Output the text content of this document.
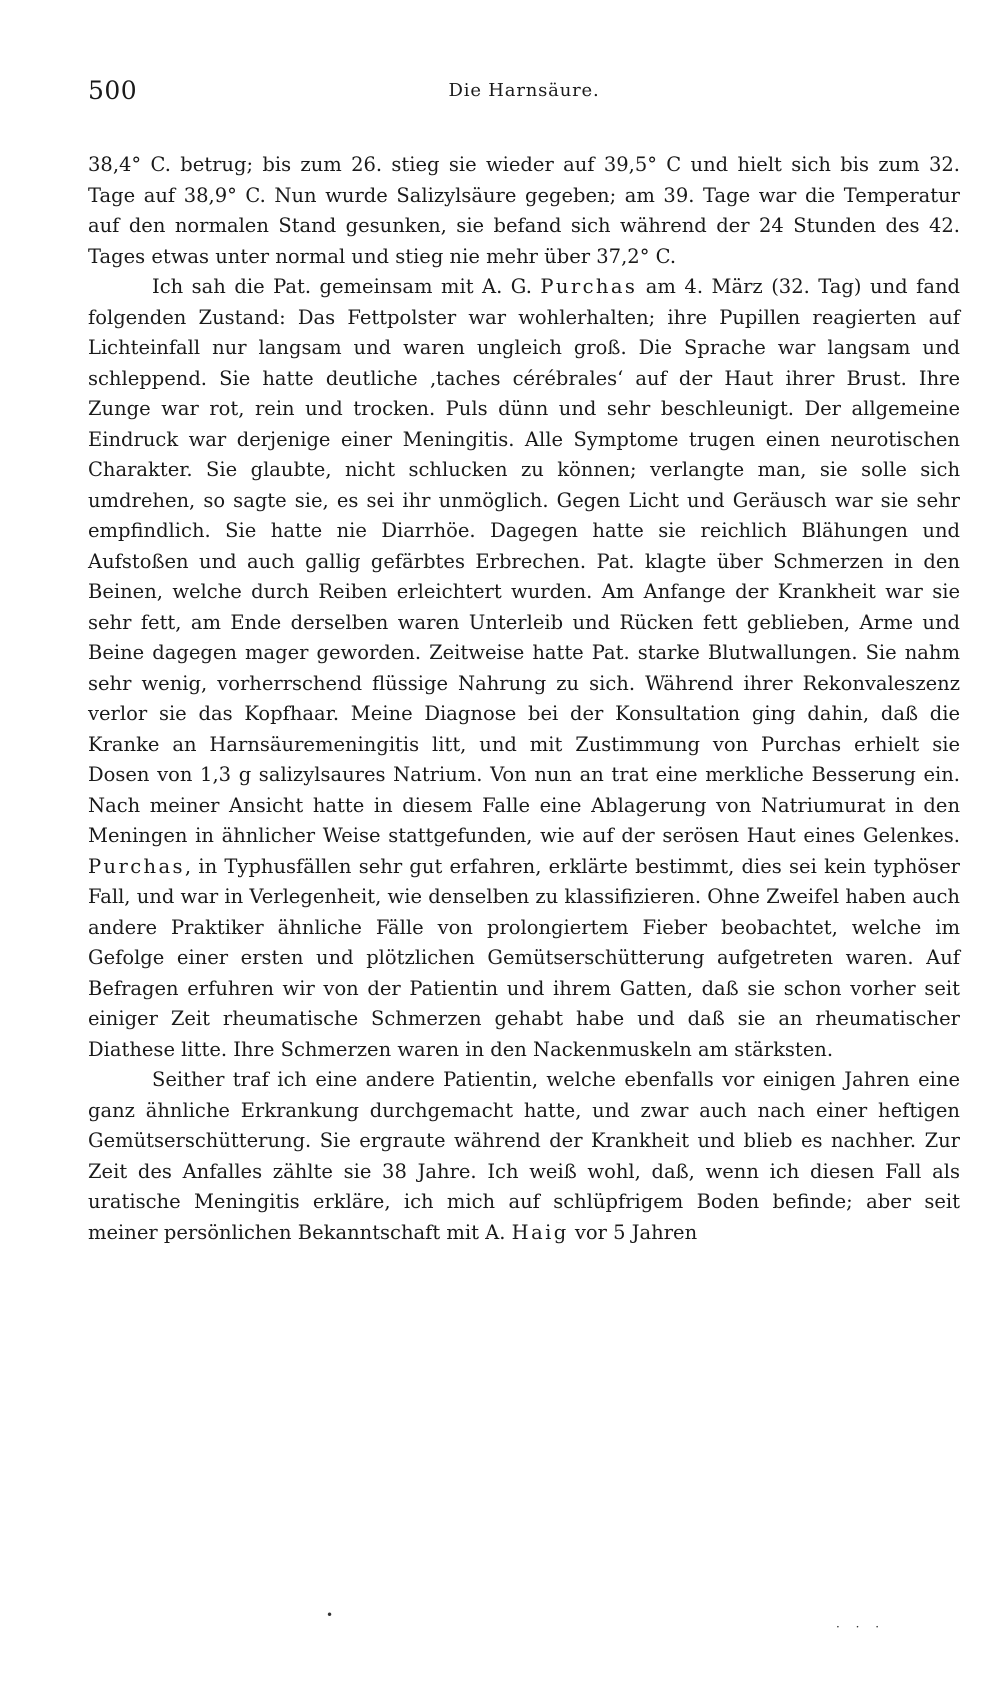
500	Die Harnsäure.

38,4° C. betrug; bis zum 26. stieg sie wieder auf 39,5° C und hielt sich bis zum 32. Tage auf 38,9° C. Nun wurde Salizylsäure gegeben; am 39. Tage war die Temperatur auf den normalen Stand gesunken, sie befand sich während der 24 Stunden des 42. Tages etwas unter normal und stieg nie mehr über 37,2° C.

Ich sah die Pat. gemeinsam mit A. G. Purchas am 4. März (32. Tag) und fand folgenden Zustand: Das Fettpolster war wohlerhalten; ihre Pupillen reagierten auf Lichteinfall nur langsam und waren ungleich groß. Die Sprache war langsam und schleppend. Sie hatte deutliche ‚taches cérébrales‘ auf der Haut ihrer Brust. Ihre Zunge war rot, rein und trocken. Puls dünn und sehr beschleunigt. Der allgemeine Eindruck war derjenige einer Meningitis. Alle Symptome trugen einen neurotischen Charakter. Sie glaubte, nicht schlucken zu können; verlangte man, sie solle sich umdrehen, so sagte sie, es sei ihr unmöglich. Gegen Licht und Geräusch war sie sehr empfindlich. Sie hatte nie Diarrhöe. Dagegen hatte sie reichlich Blähungen und Aufstoßen und auch gallig gefärbtes Erbrechen. Pat. klagte über Schmerzen in den Beinen, welche durch Reiben erleichtert wurden. Am Anfange der Krankheit war sie sehr fett, am Ende derselben waren Unterleib und Rücken fett geblieben, Arme und Beine dagegen mager geworden. Zeitweise hatte Pat. starke Blutwallungen. Sie nahm sehr wenig, vorherrschend flüssige Nahrung zu sich. Während ihrer Rekonvaleszenz verlor sie das Kopfhaar. Meine Diagnose bei der Konsultation ging dahin, daß die Kranke an Harnsäuremeningitis litt, und mit Zustimmung von Purchas erhielt sie Dosen von 1,3 g salizylsaures Natrium. Von nun an trat eine merkliche Besserung ein. Nach meiner Ansicht hatte in diesem Falle eine Ablagerung von Natriumurat in den Meningen in ähnlicher Weise stattgefunden, wie auf der serösen Haut eines Gelenkes. Purchas, in Typhusfällen sehr gut erfahren, erklärte bestimmt, dies sei kein typhöser Fall, und war in Verlegenheit, wie denselben zu klassifizieren. Ohne Zweifel haben auch andere Praktiker ähnliche Fälle von prolongiertem Fieber beobachtet, welche im Gefolge einer ersten und plötzlichen Gemütserschütterung aufgetreten waren. Auf Befragen erfuhren wir von der Patientin und ihrem Gatten, daß sie schon vorher seit einiger Zeit rheumatische Schmerzen gehabt habe und daß sie an rheumatischer Diathese litte. Ihre Schmerzen waren in den Nackenmuskeln am stärksten.

Seither traf ich eine andere Patientin, welche ebenfalls vor einigen Jahren eine ganz ähnliche Erkrankung durchgemacht hatte, und zwar auch nach einer heftigen Gemütserschütterung. Sie ergraute während der Krankheit und blieb es nachher. Zur Zeit des Anfalles zählte sie 38 Jahre. Ich weiß wohl, daß, wenn ich diesen Fall als uratische Meningitis erkläre, ich mich auf schlüpfrigem Boden befinde; aber seit meiner persönlichen Bekanntschaft mit A. Haig vor 5 Jahren

•
· · ·
